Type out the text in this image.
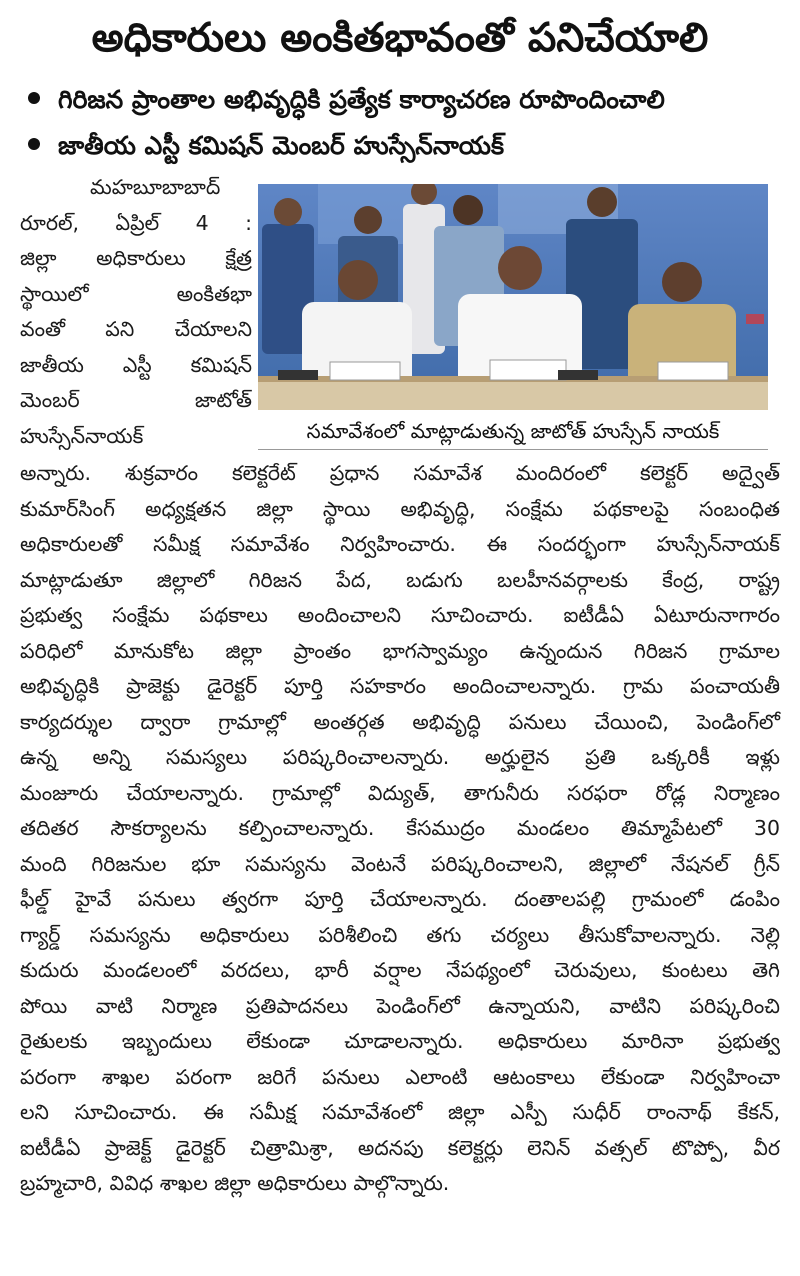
అధికారులు అంకితభావంతో పనిచేయాలి
గిరిజన ప్రాంతాల అభివృద్ధికి ప్రత్యేక కార్యాచరణ రూపొందించాలి
జాతీయ ఎస్టీ కమిషన్ మెంబర్ హుస్సేన్‌నాయక్
మహబూబాబాద్
రూరల్, ఏప్రిల్ 4 :
జిల్లా అధికారులు క్షేత్ర
స్థాయిలో అంకితభా
వంతో పని చేయాలని
జాతీయ ఎస్టీ కమిషన్
మెంబర్ జాటోత్
హుస్సేన్‌నాయక్	సమావేశంలో మాట్లాడుతున్న జాటోత్ హుస్సేన్ నాయక్
అన్నారు. శుక్రవారం కలెక్టరేట్ ప్రధాన సమావేశ మందిరంలో కలెక్టర్ అద్వైత్
కుమార్‌సింగ్ అధ్యక్షతన జిల్లా స్థాయి అభివృద్ధి, సంక్షేమ పథకాలపై సంబంధిత
అధికారులతో సమీక్ష సమావేశం నిర్వహించారు. ఈ సందర్భంగా హుస్సేన్‌నాయక్
మాట్లాడుతూ జిల్లాలో గిరిజన పేద, బడుగు బలహీనవర్గాలకు కేంద్ర, రాష్ట్ర
ప్రభుత్వ సంక్షేమ పథకాలు అందించాలని సూచించారు. ఐటీడీఏ ఏటూరునాగారం
పరిధిలో మానుకోట జిల్లా ప్రాంతం భాగస్వామ్యం ఉన్నందున గిరిజన గ్రామాల
అభివృద్ధికి ప్రాజెక్టు డైరెక్టర్ పూర్తి సహకారం అందించాలన్నారు. గ్రామ పంచాయతీ
కార్యదర్శుల ద్వారా గ్రామాల్లో అంతర్గత అభివృద్ధి పనులు చేయించి, పెండింగ్‌లో
ఉన్న అన్ని సమస్యలు పరిష్కరించాలన్నారు. అర్హులైన ప్రతి ఒక్కరికీ ఇళ్లు
మంజూరు చేయాలన్నారు. గ్రామాల్లో విద్యుత్, తాగునీరు సరఫరా రోడ్ల నిర్మాణం
తదితర సౌకర్యాలను కల్పించాలన్నారు. కేసముద్రం మండలం తిమ్మాపేటలో 30
మంది గిరిజనుల భూ సమస్యను వెంటనే పరిష్కరించాలని, జిల్లాలో నేషనల్ గ్రీన్
ఫీల్డ్ హైవే పనులు త్వరగా పూర్తి చేయాలన్నారు. దంతాలపల్లి గ్రామంలో డంపిం
గ్యార్డ్ సమస్యను అధికారులు పరిశీలించి తగు చర్యలు తీసుకోవాలన్నారు. నెల్లి
కుదురు మండలంలో వరదలు, భారీ వర్షాల నేపథ్యంలో చెరువులు, కుంటలు తెగి
పోయి వాటి నిర్మాణ ప్రతిపాదనలు పెండింగ్‌లో ఉన్నాయని, వాటిని పరిష్కరించి
రైతులకు ఇబ్బందులు లేకుండా చూడాలన్నారు. అధికారులు మారినా ప్రభుత్వ
పరంగా శాఖల పరంగా జరిగే పనులు ఎలాంటి ఆటంకాలు లేకుండా నిర్వహించా
లని సూచించారు. ఈ సమీక్ష సమావేశంలో జిల్లా ఎస్పీ సుధీర్ రాంనాథ్ కేకన్,
ఐటీడీఏ ప్రాజెక్ట్ డైరెక్టర్ చిత్రామిశ్రా, అదనపు కలెక్టర్లు లెనిన్ వత్సల్ టొప్పో, వీర
బ్రహ్మచారి, వివిధ శాఖల జిల్లా అధికారులు పాల్గొన్నారు.
